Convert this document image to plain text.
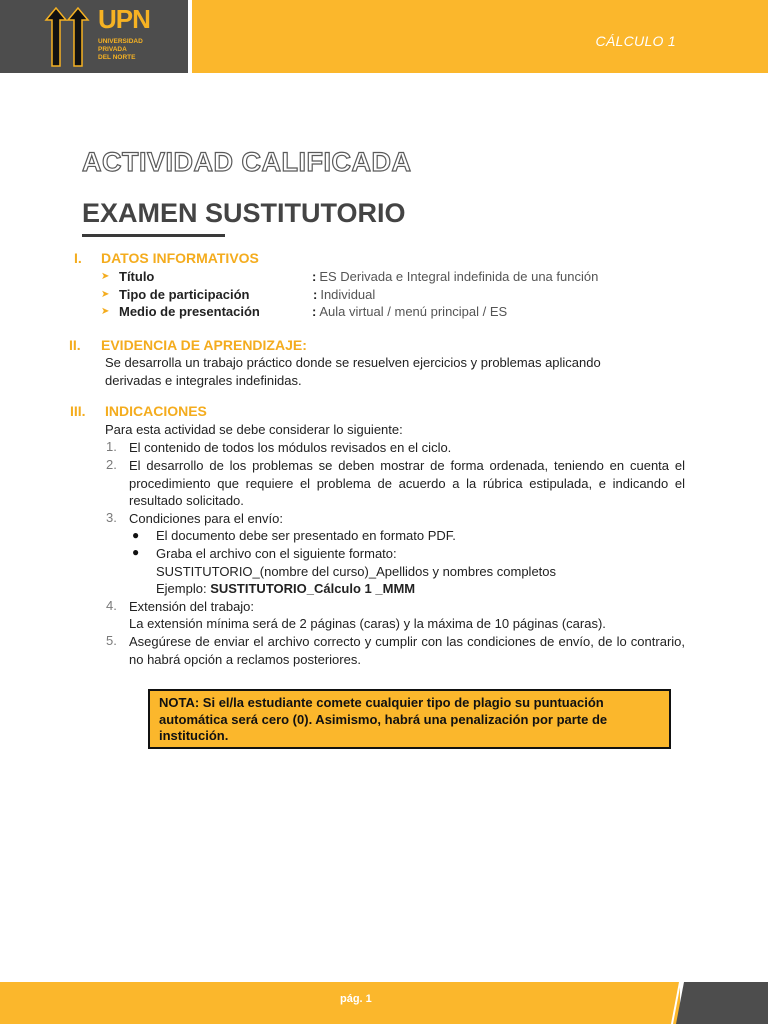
UPN
UNIVERSIDAD
PRIVADA
DEL NORTE
CÁLCULO 1
ACTIVIDAD CALIFICADA
EXAMEN SUSTITUTORIO
I. DATOS INFORMATIVOS
➤ Título	: ES Derivada e Integral indefinida de una función
➤ Tipo de participación	: Individual
➤ Medio de presentación	: Aula virtual / menú principal / ES
II. EVIDENCIA DE APRENDIZAJE:
Se desarrolla un trabajo práctico donde se resuelven ejercicios y problemas aplicando derivadas e integrales indefinidas.
III. INDICACIONES
Para esta actividad se debe considerar lo siguiente:
1. El contenido de todos los módulos revisados en el ciclo.
2. El desarrollo de los problemas se deben mostrar de forma ordenada, teniendo en cuenta el procedimiento que requiere el problema de acuerdo a la rúbrica estipulada, e indicando el resultado solicitado.
3. Condiciones para el envío:
● El documento debe ser presentado en formato PDF.
● Graba el archivo con el siguiente formato:
SUSTITUTORIO_(nombre del curso)_Apellidos y nombres completos
Ejemplo: SUSTITUTORIO_Cálculo 1 _MMM
4. Extensión del trabajo:
La extensión mínima será de 2 páginas (caras) y la máxima de 10 páginas (caras).
5. Asegúrese de enviar el archivo correcto y cumplir con las condiciones de envío, de lo contrario, no habrá opción a reclamos posteriores.
NOTA: Si el/la estudiante comete cualquier tipo de plagio su puntuación automática será cero (0). Asimismo, habrá una penalización por parte de institución.
pág. 1
